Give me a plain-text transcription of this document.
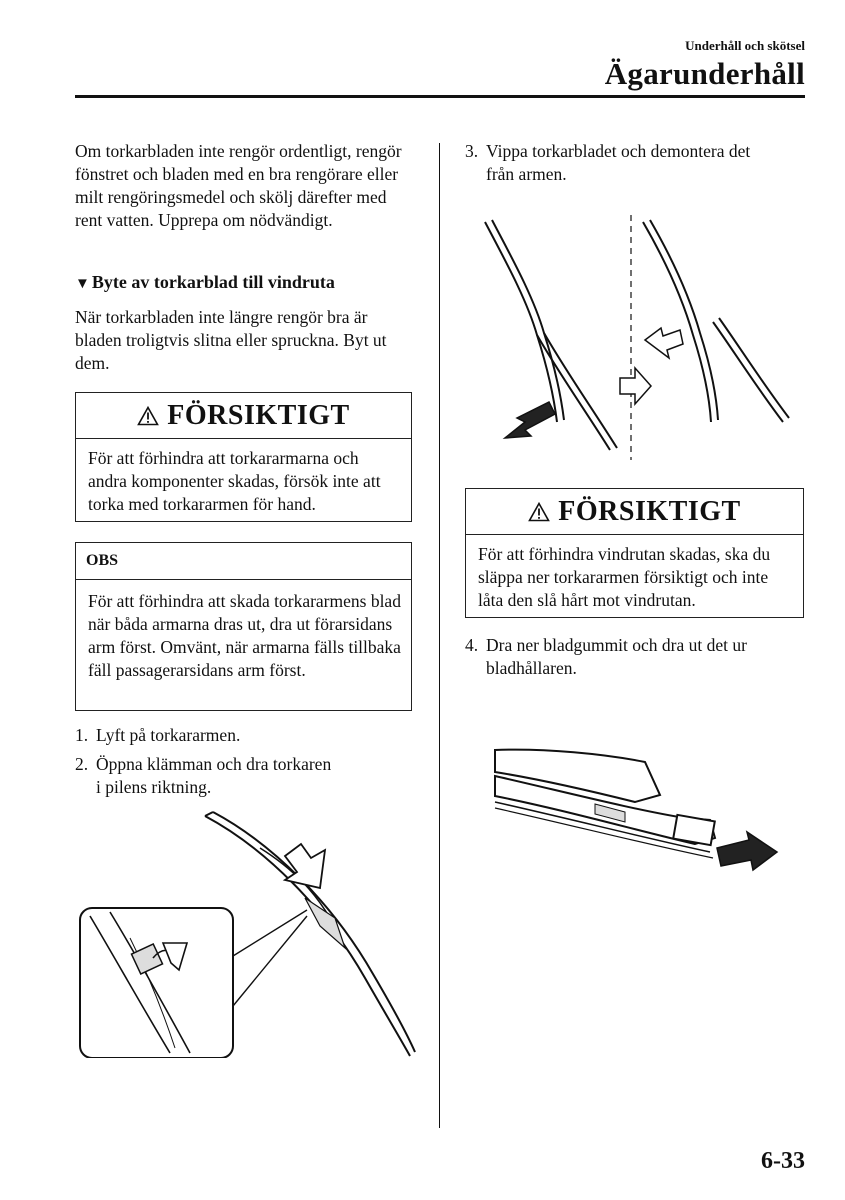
Underhåll och skötsel
Ägarunderhåll

Om torkarbladen inte rengör ordentligt, rengör fönstret och bladen med en bra rengörare eller milt rengöringsmedel och skölj därefter med rent vatten. Upprepa om nödvändigt.

▼ Byte av torkarblad till vindruta

När torkarbladen inte längre rengör bra är bladen troligtvis slitna eller spruckna. Byt ut dem.

FÖRSIKTIGT
För att förhindra att torkararmarna och andra komponenter skadas, försök inte att torka med torkararmen för hand.
OBS
För att förhindra att skada torkararmens blad när båda armarna dras ut, dra ut förarsidans arm först. Omvänt, när armarna fälls tillbaka fäll passagerarsidans arm först.
1. Lyft på torkararmen.
2. Öppna klämman och dra torkaren
i pilens riktning.
3. Vippa torkarbladet och demontera det
från armen.
FÖRSIKTIGT
För att förhindra vindrutan skadas, ska du släppa ner torkararmen försiktigt och inte låta den slå hårt mot vindrutan.
4. Dra ner bladgummit och dra ut det ur
bladhållaren.
6-33
